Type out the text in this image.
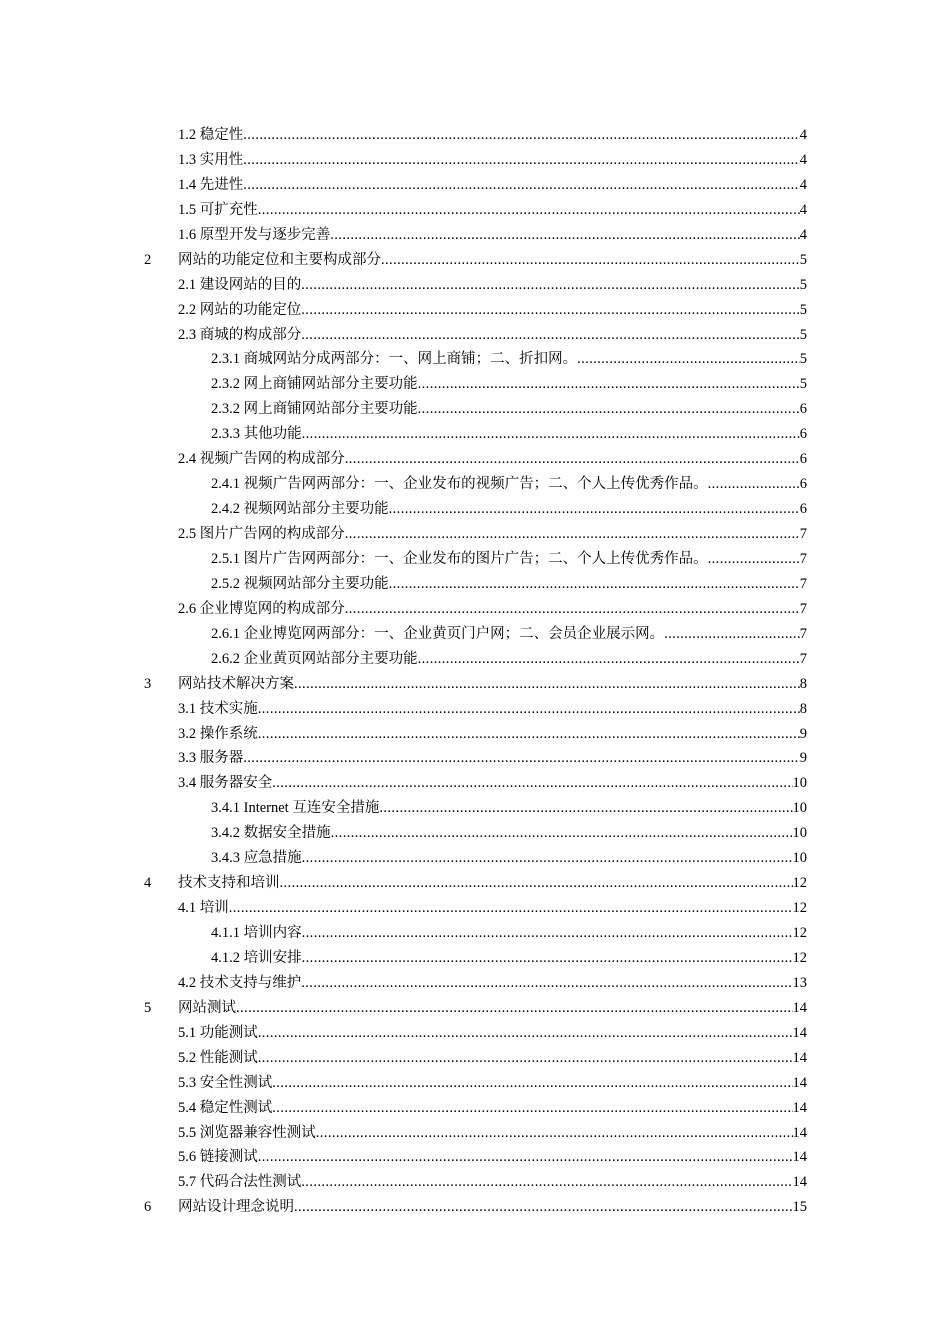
1.2 稳定性 .....	4
1.3 实用性 .....	4
1.4 先进性 .....	4
1.5 可扩充性 .....	4
1.6 原型开发与逐步完善 .....	4
2	网站的功能定位和主要构成部分 .....	5
2.1 建设网站的目的 .....	5
2.2 网站的功能定位 .....	5
2.3 商城的构成部分 .....	5
2.3.1 商城网站分成两部分：一、网上商铺；二、折扣网。 .....	5
2.3.2 网上商铺网站部分主要功能 .....	5
2.3.2 网上商铺网站部分主要功能 .....	6
2.3.3 其他功能 .....	6
2.4 视频广告网的构成部分 .....	6
2.4.1 视频广告网两部分：一、企业发布的视频广告；二、个人上传优秀作品。 .....	6
2.4.2 视频网站部分主要功能 .....	6
2.5 图片广告网的构成部分 .....	7
2.5.1 图片广告网两部分：一、企业发布的图片广告；二、个人上传优秀作品。 .....	7
2.5.2 视频网站部分主要功能 .....	7
2.6 企业博览网的构成部分 .....	7
2.6.1 企业博览网两部分：一、企业黄页门户网；二、会员企业展示网。 .....	7
2.6.2 企业黄页网站部分主要功能 .....	7
3	网站技术解决方案 .....	8
3.1 技术实施 .....	8
3.2 操作系统 .....	9
3.3 服务器 .....	9
3.4 服务器安全 .....	10
3.4.1 Internet 互连安全措施 .....	10
3.4.2 数据安全措施 .....	10
3.4.3 应急措施 .....	10
4	技术支持和培训 .....	12
4.1 培训 .....	12
4.1.1 培训内容 .....	12
4.1.2 培训安排 .....	12
4.2 技术支持与维护 .....	13
5	网站测试 .....	14
5.1 功能测试 .....	14
5.2 性能测试 .....	14
5.3 安全性测试 .....	14
5.4 稳定性测试 .....	14
5.5 浏览器兼容性测试 .....	14
5.6 链接测试 .....	14
5.7 代码合法性测试 .....	14
6	网站设计理念说明 .....	15
